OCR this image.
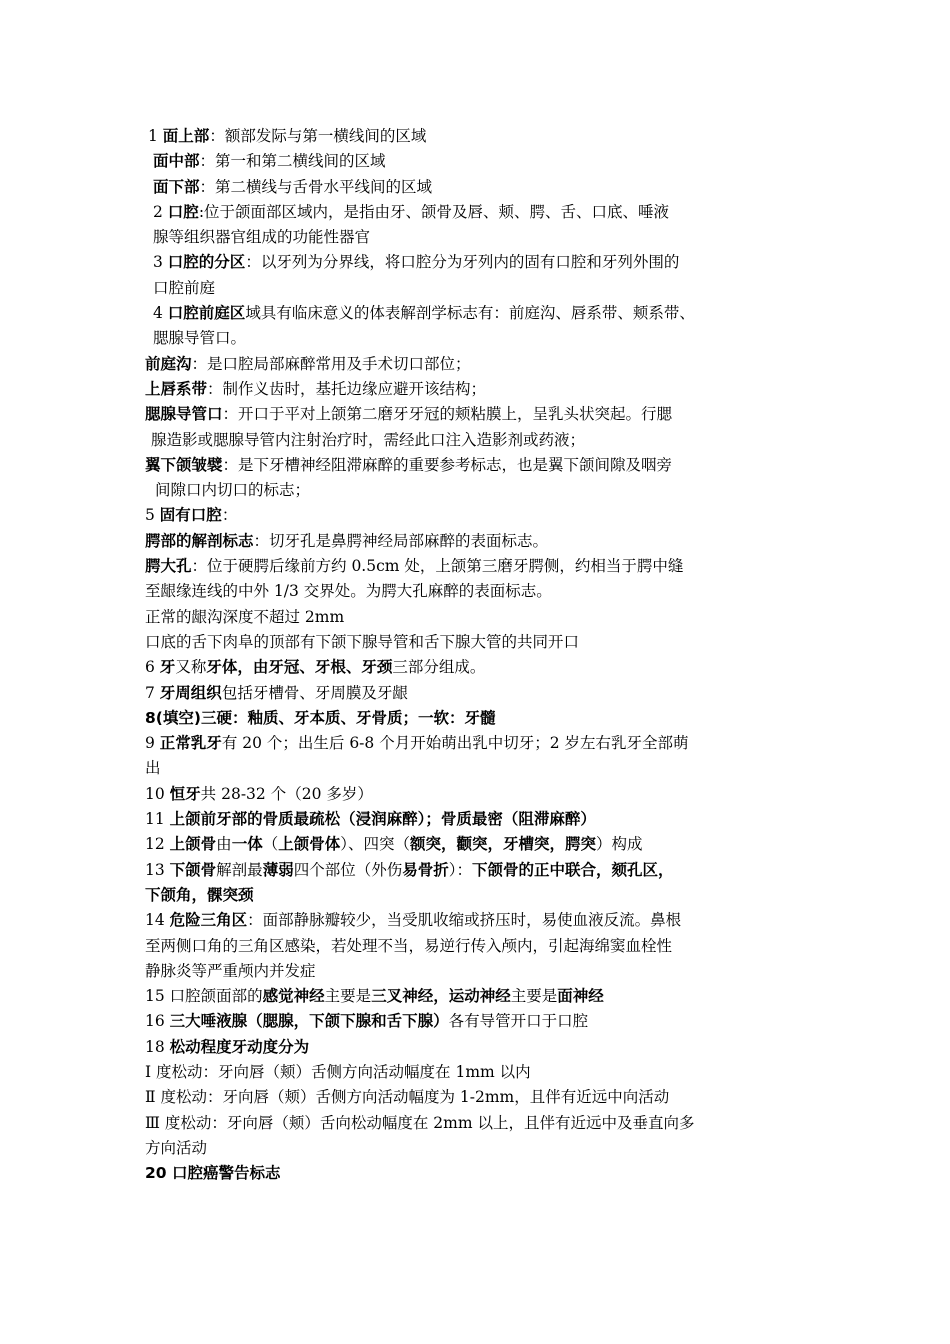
1 面上部：额部发际与第一横线间的区域
面中部：第一和第二横线间的区域
面下部：第二横线与舌骨水平线间的区域
2 口腔:位于颌面部区域内，是指由牙、颌骨及唇、颊、腭、舌、口底、唾液
腺等组织器官组成的功能性器官
3 口腔的分区：以牙列为分界线，将口腔分为牙列内的固有口腔和牙列外围的
口腔前庭
4 口腔前庭区域具有临床意义的体表解剖学标志有：前庭沟、唇系带、颊系带、
腮腺导管口。
前庭沟：是口腔局部麻醉常用及手术切口部位；
上唇系带：制作义齿时，基托边缘应避开该结构；
腮腺导管口：开口于平对上颌第二磨牙牙冠的颊粘膜上，呈乳头状突起。行腮
腺造影或腮腺导管内注射治疗时，需经此口注入造影剂或药液；
翼下颌皱襞：是下牙槽神经阻滞麻醉的重要参考标志，也是翼下颌间隙及咽旁
间隙口内切口的标志；
5 固有口腔：
腭部的解剖标志：切牙孔是鼻腭神经局部麻醉的表面标志。
腭大孔：位于硬腭后缘前方约 0.5cm 处，上颌第三磨牙腭侧，约相当于腭中缝
至龈缘连线的中外 1/3 交界处。为腭大孔麻醉的表面标志。
正常的龈沟深度不超过 2mm
口底的舌下肉阜的顶部有下颌下腺导管和舌下腺大管的共同开口
6 牙又称牙体，由牙冠、牙根、牙颈三部分组成。
7 牙周组织包括牙槽骨、牙周膜及牙龈
8(填空)三硬：釉质、牙本质、牙骨质；一软：牙髓
9 正常乳牙有 20 个；出生后 6-8 个月开始萌出乳中切牙；2 岁左右乳牙全部萌
出
10 恒牙共 28-32 个（20 多岁）
11 上颌前牙部的骨质最疏松（浸润麻醉）；骨质最密（阻滞麻醉）
12 上颌骨由一体（上颌骨体）、四突（额突，颧突，牙槽突，腭突）构成
13 下颌骨解剖最薄弱四个部位（外伤易骨折）：下颌骨的正中联合，颏孔区，
下颌角，髁突颈
14 危险三角区：面部静脉瓣较少，当受肌收缩或挤压时，易使血液反流。鼻根
至两侧口角的三角区感染，若处理不当，易逆行传入颅内，引起海绵窦血栓性
静脉炎等严重颅内并发症
15 口腔颌面部的感觉神经主要是三叉神经，运动神经主要是面神经
16 三大唾液腺（腮腺，下颌下腺和舌下腺）各有导管开口于口腔
18 松动程度牙动度分为
Ⅰ 度松动：牙向唇（颊）舌侧方向活动幅度在 1mm 以内
Ⅱ 度松动：牙向唇（颊）舌侧方向活动幅度为 1-2mm，且伴有近远中向活动
Ⅲ 度松动：牙向唇（颊）舌向松动幅度在 2mm 以上，且伴有近远中及垂直向多
方向活动
20 口腔癌警告标志
